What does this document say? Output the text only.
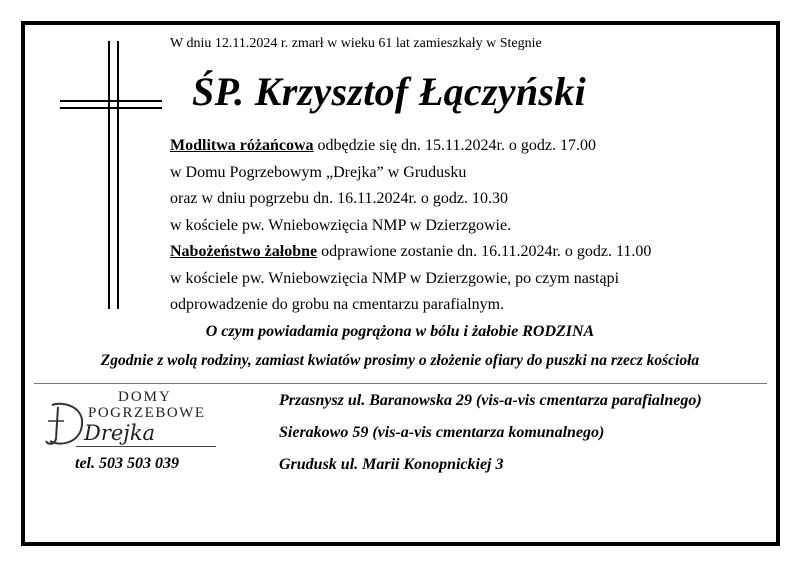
W dniu 12.11.2024 r. zmarł w wieku 61 lat zamieszkały w Stegnie
ŚP. Krzysztof Łączyński
Modlitwa różańcowa odbędzie się dn. 15.11.2024r. o godz. 17.00
w Domu Pogrzebowym „Drejka” w Grudusku
oraz w dniu pogrzebu dn. 16.11.2024r. o godz. 10.30
w kościele pw. Wniebowzięcia NMP w Dzierzgowie.
Nabożeństwo żałobne odprawione zostanie dn. 16.11.2024r. o godz. 11.00
w kościele pw. Wniebowzięcia NMP w Dzierzgowie, po czym nastąpi
odprowadzenie do grobu na cmentarzu parafialnym.
O czym powiadamia pogrążona w bólu i żałobie RODZINA
Zgodnie z wolą rodziny, zamiast kwiatów prosimy o złożenie ofiary do puszki na rzecz kościoła
DOMY
POGRZEBOWE
Drejka
tel. 503 503 039
Przasnysz ul. Baranowska 29 (vis-a-vis cmentarza parafialnego)
Sierakowo 59 (vis-a-vis cmentarza komunalnego)
Grudusk ul. Marii Konopnickiej 3
